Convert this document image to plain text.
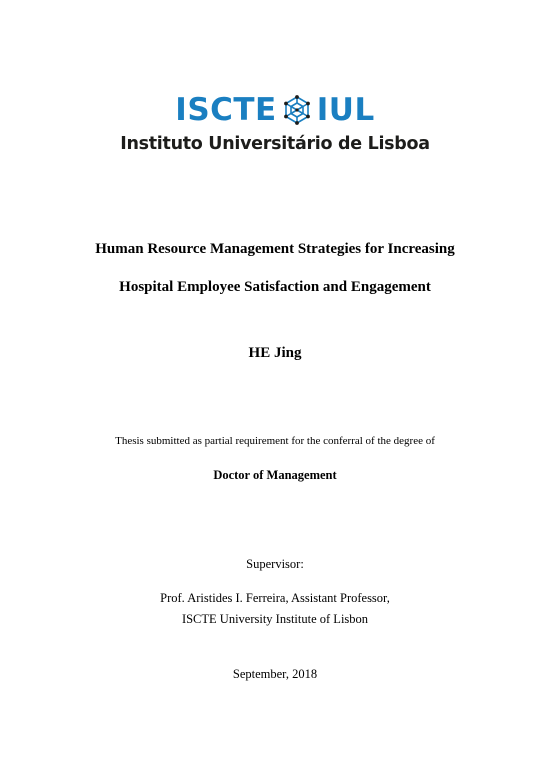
ISCTE IUL
Instituto Universitário de Lisboa
Human Resource Management Strategies for Increasing
Hospital Employee Satisfaction and Engagement
HE Jing
Thesis submitted as partial requirement for the conferral of the degree of
Doctor of Management
Supervisor:
Prof. Aristides I. Ferreira, Assistant Professor,
ISCTE University Institute of Lisbon
September, 2018
